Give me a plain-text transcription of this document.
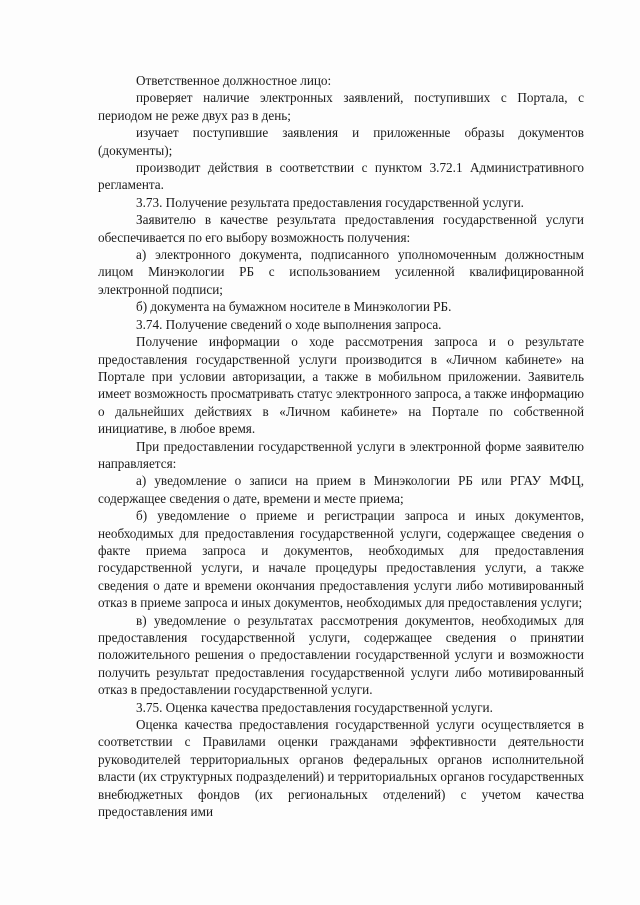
Ответственное должностное лицо:

проверяет наличие электронных заявлений, поступивших с Портала, с периодом не реже двух раз в день;

изучает поступившие заявления и приложенные образы документов (документы);

производит действия в соответствии с пунктом 3.72.1 Административного регламента.

3.73. Получение результата предоставления государственной услуги.

Заявителю в качестве результата предоставления государственной услуги обеспечивается по его выбору возможность получения:

а) электронного документа, подписанного уполномоченным должностным лицом Минэкологии РБ с использованием усиленной квалифицированной электронной подписи;

б) документа на бумажном носителе в Минэкологии РБ.

3.74. Получение сведений о ходе выполнения запроса.

Получение информации о ходе рассмотрения запроса и о результате предоставления государственной услуги производится в «Личном кабинете» на Портале при условии авторизации, а также в мобильном приложении. Заявитель имеет возможность просматривать статус электронного запроса, а также информацию о дальнейших действиях в «Личном кабинете» на Портале по собственной инициативе, в любое время.

При предоставлении государственной услуги в электронной форме заявителю направляется:

а) уведомление о записи на прием в Минэкологии РБ или РГАУ МФЦ, содержащее сведения о дате, времени и месте приема;

б) уведомление о приеме и регистрации запроса и иных документов, необходимых для предоставления государственной услуги, содержащее сведения о факте приема запроса и документов, необходимых для предоставления государственной услуги, и начале процедуры предоставления услуги, а также сведения о дате и времени окончания предоставления услуги либо мотивированный отказ в приеме запроса и иных документов, необходимых для предоставления услуги;

в) уведомление о результатах рассмотрения документов, необходимых для предоставления государственной услуги, содержащее сведения о принятии положительного решения о предоставлении государственной услуги и возможности получить результат предоставления государственной услуги либо мотивированный отказ в предоставлении государственной услуги.

3.75. Оценка качества предоставления государственной услуги.

Оценка качества предоставления государственной услуги осуществляется в соответствии с Правилами оценки гражданами эффективности деятельности руководителей территориальных органов федеральных органов исполнительной власти (их структурных подразделений) и территориальных органов государственных внебюджетных фондов (их региональных отделений) с учетом качества предоставления ими
